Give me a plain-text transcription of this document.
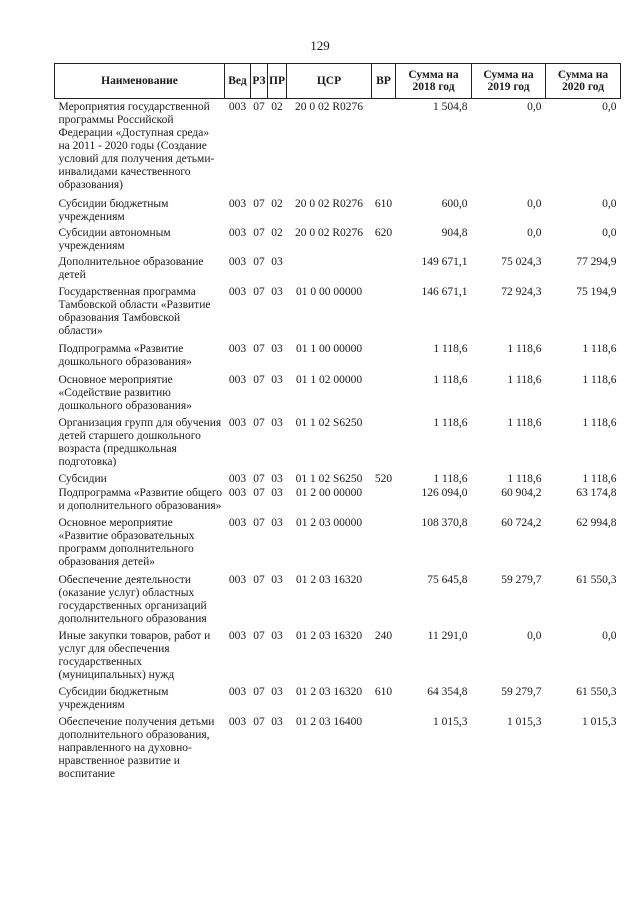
129
Наименование	Вед	РЗ	ПР	ЦСР	ВР	Сумма на 2018 год	Сумма на 2019 год	Сумма на 2020 год
Мероприятия государственной программы Российской Федерации «Доступная среда» на 2011 - 2020 годы (Создание условий для получения детьми-инвалидами качественного образования)	003	07	02	20 0 02 R0276		1 504,8	0,0	0,0
Субсидии бюджетным учреждениям	003	07	02	20 0 02 R0276	610	600,0	0,0	0,0
Субсидии автономным учреждениям	003	07	02	20 0 02 R0276	620	904,8	0,0	0,0
Дополнительное образование детей	003	07	03			149 671,1	75 024,3	77 294,9
Государственная программа Тамбовской области «Развитие образования Тамбовской области»	003	07	03	01 0 00 00000		146 671,1	72 924,3	75 194,9
Подпрограмма «Развитие дошкольного образования»	003	07	03	01 1 00 00000		1 118,6	1 118,6	1 118,6
Основное мероприятие «Содействие развитию дошкольного образования»	003	07	03	01 1 02 00000		1 118,6	1 118,6	1 118,6
Организация групп для обучения детей старшего дошкольного возраста (предшкольная подготовка)	003	07	03	01 1 02 S6250		1 118,6	1 118,6	1 118,6
Субсидии	003	07	03	01 1 02 S6250	520	1 118,6	1 118,6	1 118,6
Подпрограмма «Развитие общего и дополнительного образования»	003	07	03	01 2 00 00000		126 094,0	60 904,2	63 174,8
Основное мероприятие «Развитие образовательных программ дополнительного образования детей»	003	07	03	01 2 03 00000		108 370,8	60 724,2	62 994,8
Обеспечение деятельности (оказание услуг) областных государственных организаций дополнительного образования	003	07	03	01 2 03 16320		75 645,8	59 279,7	61 550,3
Иные закупки товаров, работ и услуг для обеспечения государственных (муниципальных) нужд	003	07	03	01 2 03 16320	240	11 291,0	0,0	0,0
Субсидии бюджетным учреждениям	003	07	03	01 2 03 16320	610	64 354,8	59 279,7	61 550,3
Обеспечение получения детьми дополнительного образования, направленного на духовно-нравственное развитие и воспитание	003	07	03	01 2 03 16400		1 015,3	1 015,3	1 015,3
